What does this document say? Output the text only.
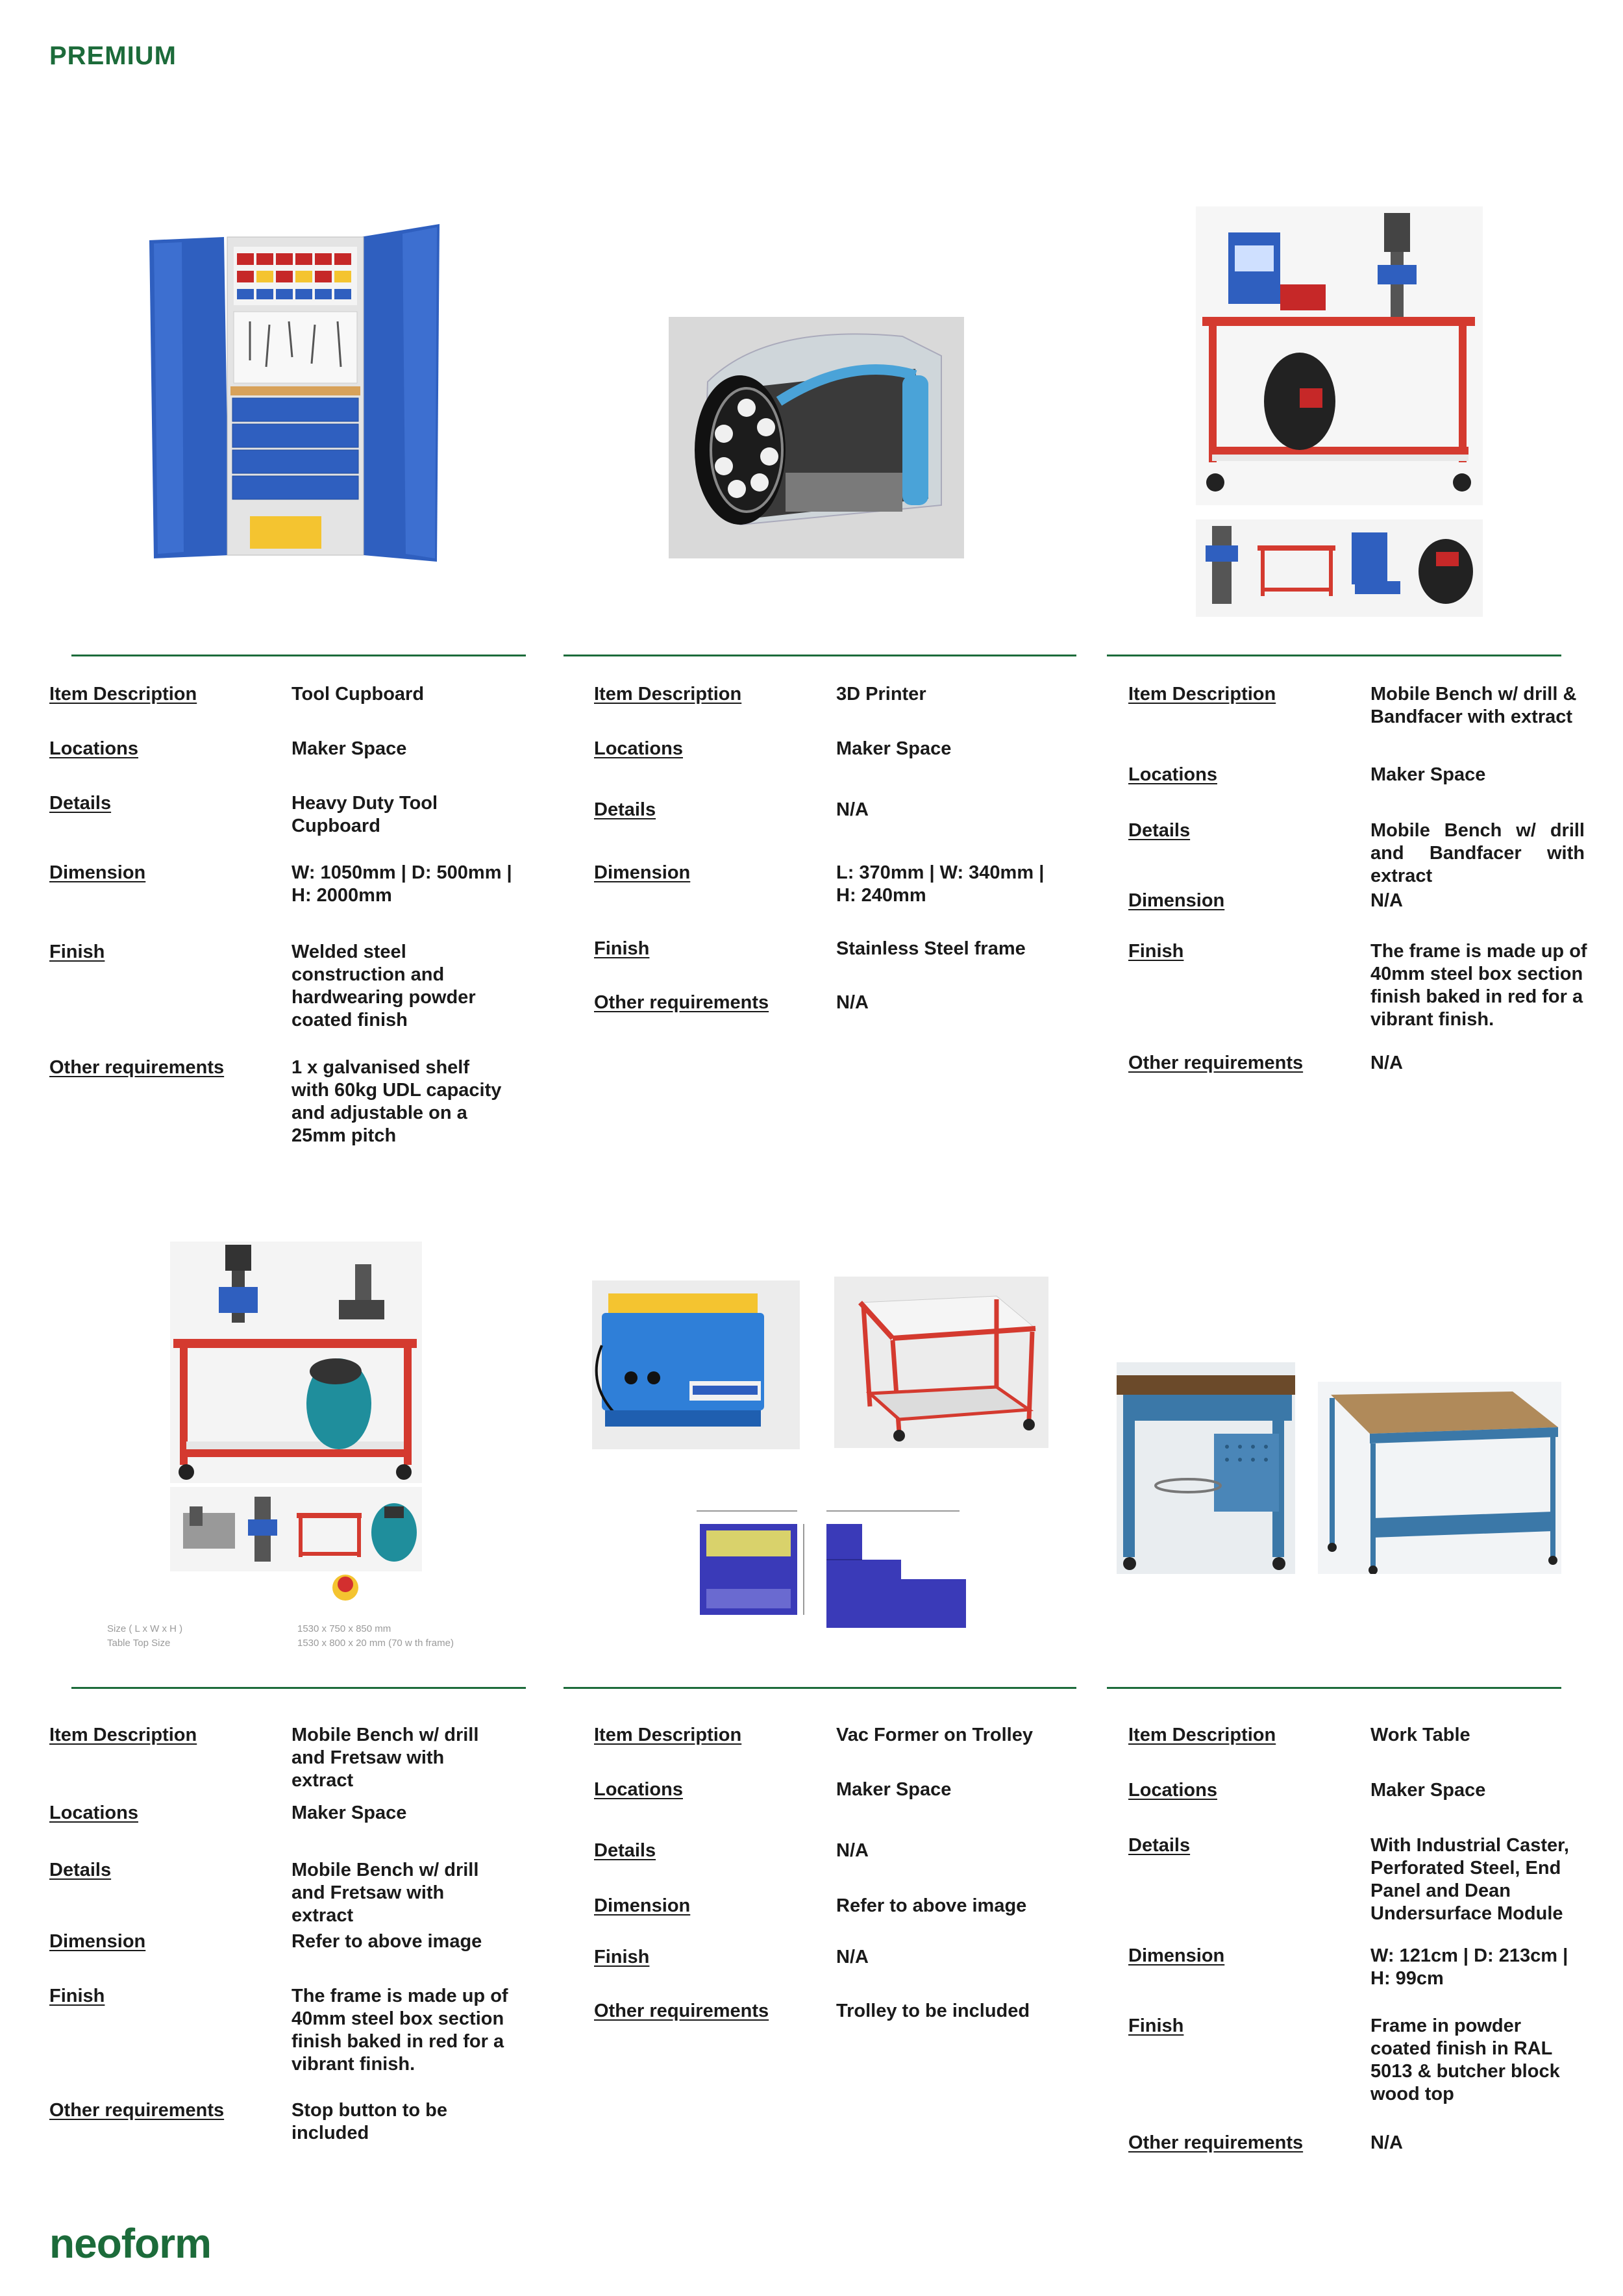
PREMIUM
Item Description	Tool Cupboard
Locations	Maker Space
Details	Heavy Duty Tool Cupboard
Dimension	W: 1050mm | D: 500mm | H: 2000mm
Finish	Welded steel construction and hardwearing powder coated finish
Other requirements	1 x galvanised shelf with 60kg UDL capacity and adjustable on a 25mm pitch
Item Description	3D Printer
Locations	Maker Space
Details	N/A
Dimension	L: 370mm | W: 340mm | H: 240mm
Finish	Stainless Steel frame
Other requirements	N/A
Item Description	Mobile Bench w/ drill & Bandfacer with extract
Locations	Maker Space
Details	Mobile Bench w/ drill and Bandfacer with extract
Dimension	N/A
Finish	The frame is made up of 40mm steel box section finish baked in red for a vibrant finish.
Other requirements	N/A
Size ( L x W x H )	1530 x 750 x 850 mm
Table Top Size	1530 x 800 x 20 mm (70 w th frame)
Item Description	Mobile Bench w/ drill and Fretsaw with extract
Locations	Maker Space
Details	Mobile Bench w/ drill and Fretsaw with extract
Dimension	Refer to above image
Finish	The frame is made up of 40mm steel box section finish baked in red for a vibrant finish.
Other requirements	Stop button to be included
Item Description	Vac Former on Trolley
Locations	Maker Space
Details	N/A
Dimension	Refer to above image
Finish	N/A
Other requirements	Trolley to be included
Item Description	Work Table
Locations	Maker Space
Details	With Industrial Caster, Perforated Steel, End Panel and Dean Undersurface Module
Dimension	W: 121cm | D: 213cm | H: 99cm
Finish	Frame in powder coated finish in RAL 5013 & butcher block wood top
Other requirements	N/A
neoform
